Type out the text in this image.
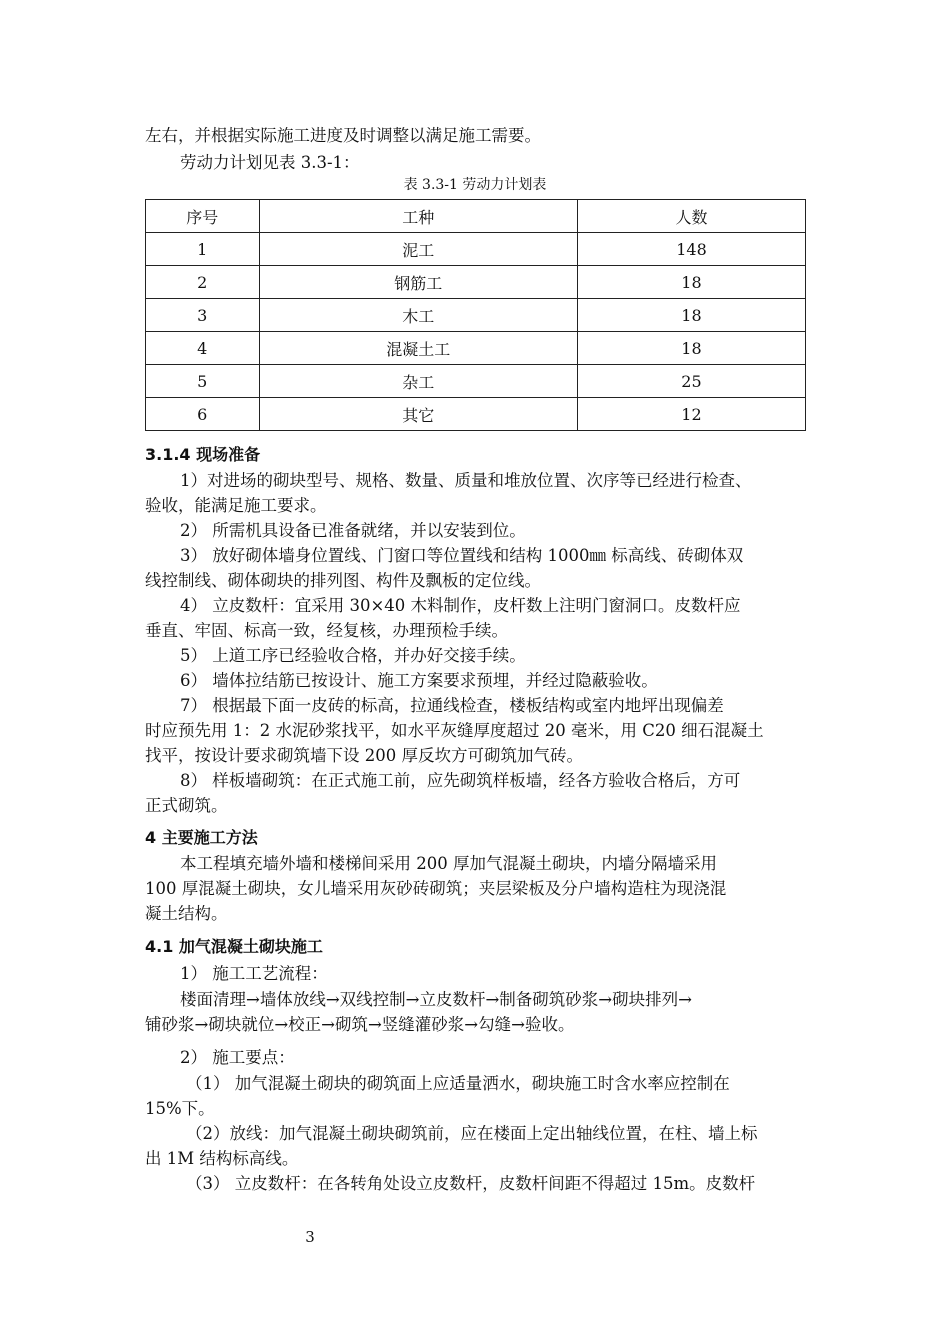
左右，并根据实际施工进度及时调整以满足施工需要。
劳动力计划见表 3.3-1：
表 3.3-1 劳动力计划表
序号	工种	人数
1	泥工	148
2	钢筋工	18
3	木工	18
4	混凝土工	18
5	杂工	25
6	其它	12
3.1.4 现场准备
1）对进场的砌块型号、规格、数量、质量和堆放位置、次序等已经进行检查、
验收，能满足施工要求。
2） 所需机具设备已准备就绪，并以安装到位。
3） 放好砌体墙身位置线、门窗口等位置线和结构 1000㎜ 标高线、砖砌体双
线控制线、砌体砌块的排列图、构件及飘板的定位线。
4） 立皮数杆：宜采用 30×40 木料制作，皮杆数上注明门窗洞口。皮数杆应
垂直、牢固、标高一致，经复核，办理预检手续。
5） 上道工序已经验收合格，并办好交接手续。
6） 墙体拉结筋已按设计、施工方案要求预埋，并经过隐蔽验收。
7） 根据最下面一皮砖的标高，拉通线检查，楼板结构或室内地坪出现偏差
时应预先用 1：2 水泥砂浆找平，如水平灰缝厚度超过 20 毫米，用 C20 细石混凝土
找平，按设计要求砌筑墙下设 200 厚反坎方可砌筑加气砖。
8） 样板墙砌筑：在正式施工前，应先砌筑样板墙，经各方验收合格后，方可
正式砌筑。
4 主要施工方法
本工程填充墙外墙和楼梯间采用 200 厚加气混凝土砌块，内墙分隔墙采用
100 厚混凝土砌块，女儿墙采用灰砂砖砌筑；夹层梁板及分户墙构造柱为现浇混
凝土结构。
4.1 加气混凝土砌块施工
1） 施工工艺流程：
楼面清理→墙体放线→双线控制→立皮数杆→制备砌筑砂浆→砌块排列→
铺砂浆→砌块就位→校正→砌筑→竖缝灌砂浆→勾缝→验收。
2） 施工要点：
（1） 加气混凝土砌块的砌筑面上应适量洒水，砌块施工时含水率应控制在
15%下。
（2）放线：加气混凝土砌块砌筑前，应在楼面上定出轴线位置，在柱、墙上标
出 1M 结构标高线。
（3） 立皮数杆：在各转角处设立皮数杆，皮数杆间距不得超过 15m。皮数杆
3
